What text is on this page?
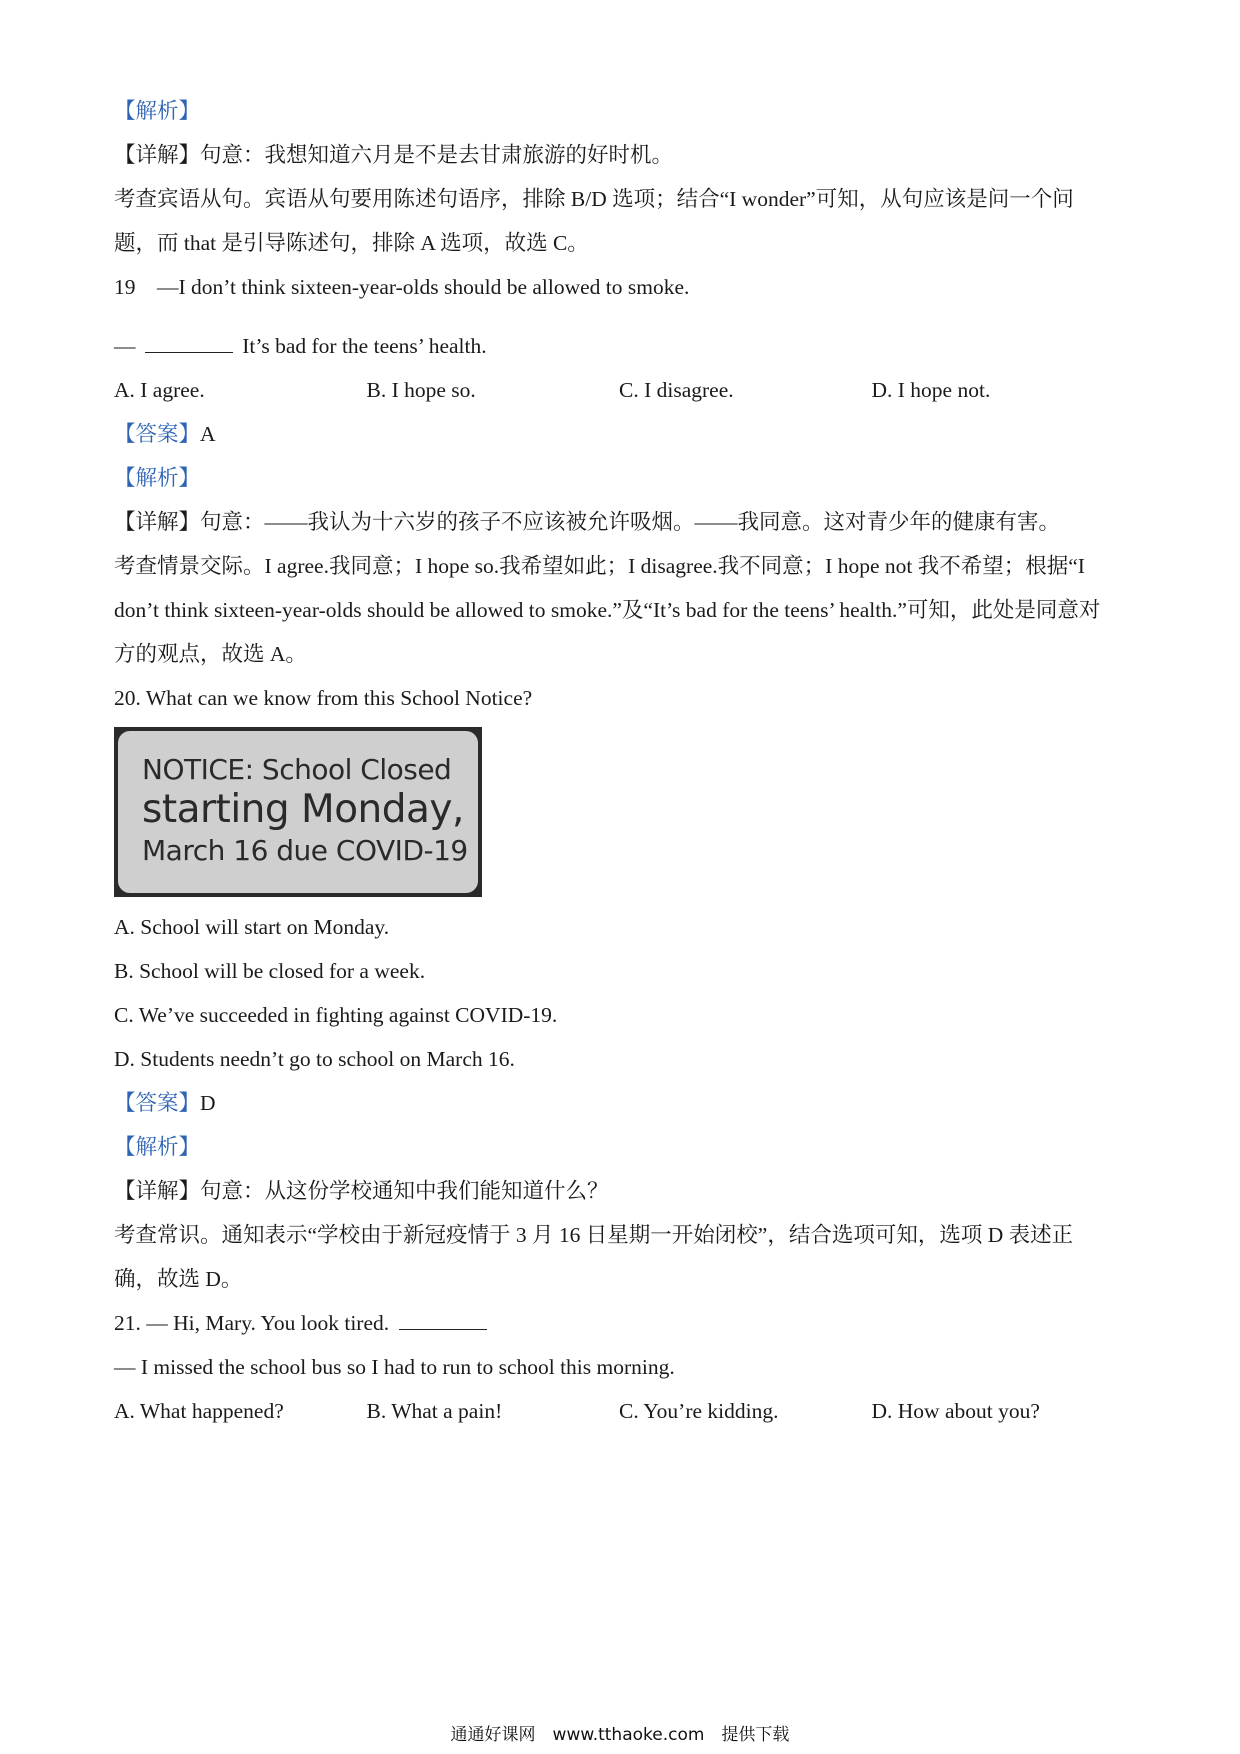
【解析】
【详解】句意：我想知道六月是不是去甘肃旅游的好时机。
考查宾语从句。宾语从句要用陈述句语序，排除 B/D 选项；结合“I wonder”可知，从句应该是问一个问
题，而 that 是引导陈述句，排除 A 选项，故选 C。
19　—I don’t think sixteen-year-olds should be allowed to smoke.
—	It’s bad for the teens’ health.
A. I agree.	B. I hope so.	C. I disagree.	D. I hope not.
【答案】A
【解析】
【详解】句意：——我认为十六岁的孩子不应该被允许吸烟。——我同意。这对青少年的健康有害。
考查情景交际。I agree.我同意；I hope so.我希望如此；I disagree.我不同意；I hope not 我不希望；根据“I
don’t think sixteen-year-olds should be allowed to smoke.”及“It’s bad for the teens’ health.”可知，此处是同意对
方的观点，故选 A。
20. What can we know from this School Notice?
NOTICE: School Closed
starting Monday,
March 16 due COVID-19
A. School will start on Monday.
B. School will be closed for a week.
C. We’ve succeeded in fighting against COVID-19.
D. Students needn’t go to school on March 16.
【答案】D
【解析】
【详解】句意：从这份学校通知中我们能知道什么？
考查常识。通知表示“学校由于新冠疫情于 3 月 16 日星期一开始闭校”，结合选项可知，选项 D 表述正
确，故选 D。
21. — Hi, Mary. You look tired.
— I missed the school bus so I had to run to school this morning.
A. What happened?	B. What a pain!	C. You’re kidding.	D. How about you?
通通好课网　www.tthaoke.com　提供下载
